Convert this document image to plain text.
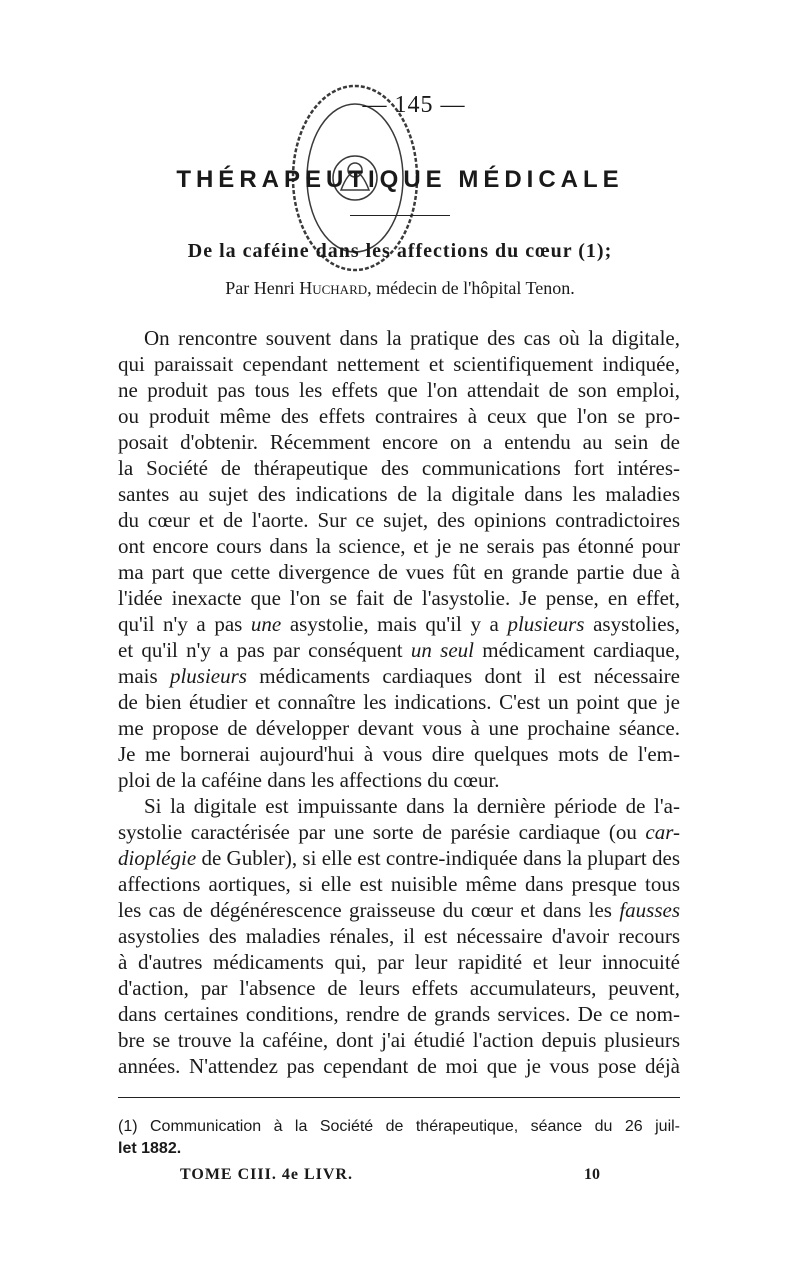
— 145 —
THÉRAPEUTIQUE MÉDICALE
De la caféine dans les affections du cœur (1);
Par Henri Huchard, médecin de l'hôpital Tenon.
On rencontre souvent dans la pratique des cas où la digitale,
qui paraissait cependant nettement et scientifiquement indiquée,
ne produit pas tous les effets que l'on attendait de son emploi,
ou produit même des effets contraires à ceux que l'on se pro-
posait d'obtenir. Récemment encore on a entendu au sein de
la Société de thérapeutique des communications fort intéres-
santes au sujet des indications de la digitale dans les maladies
du cœur et de l'aorte. Sur ce sujet, des opinions contradictoires
ont encore cours dans la science, et je ne serais pas étonné pour
ma part que cette divergence de vues fût en grande partie due à
l'idée inexacte que l'on se fait de l'asystolie. Je pense, en effet,
qu'il n'y a pas une asystolie, mais qu'il y a plusieurs asystolies,
et qu'il n'y a pas par conséquent un seul médicament cardiaque,
mais plusieurs médicaments cardiaques dont il est nécessaire
de bien étudier et connaître les indications. C'est un point que je
me propose de développer devant vous à une prochaine séance.
Je me bornerai aujourd'hui à vous dire quelques mots de l'em-
ploi de la caféine dans les affections du cœur.
Si la digitale est impuissante dans la dernière période de l'a-
systolie caractérisée par une sorte de parésie cardiaque (ou car-
dioplégie de Gubler), si elle est contre-indiquée dans la plupart des
affections aortiques, si elle est nuisible même dans presque tous
les cas de dégénérescence graisseuse du cœur et dans les fausses
asystolies des maladies rénales, il est nécessaire d'avoir recours
à d'autres médicaments qui, par leur rapidité et leur innocuité
d'action, par l'absence de leurs effets accumulateurs, peuvent,
dans certaines conditions, rendre de grands services. De ce nom-
bre se trouve la caféine, dont j'ai étudié l'action depuis plusieurs
années. N'attendez pas cependant de moi que je vous pose déjà
(1) Communication à la Société de thérapeutique, séance du 26 juil-
let 1882.
TOME CIII. 4e LIVR.	10
